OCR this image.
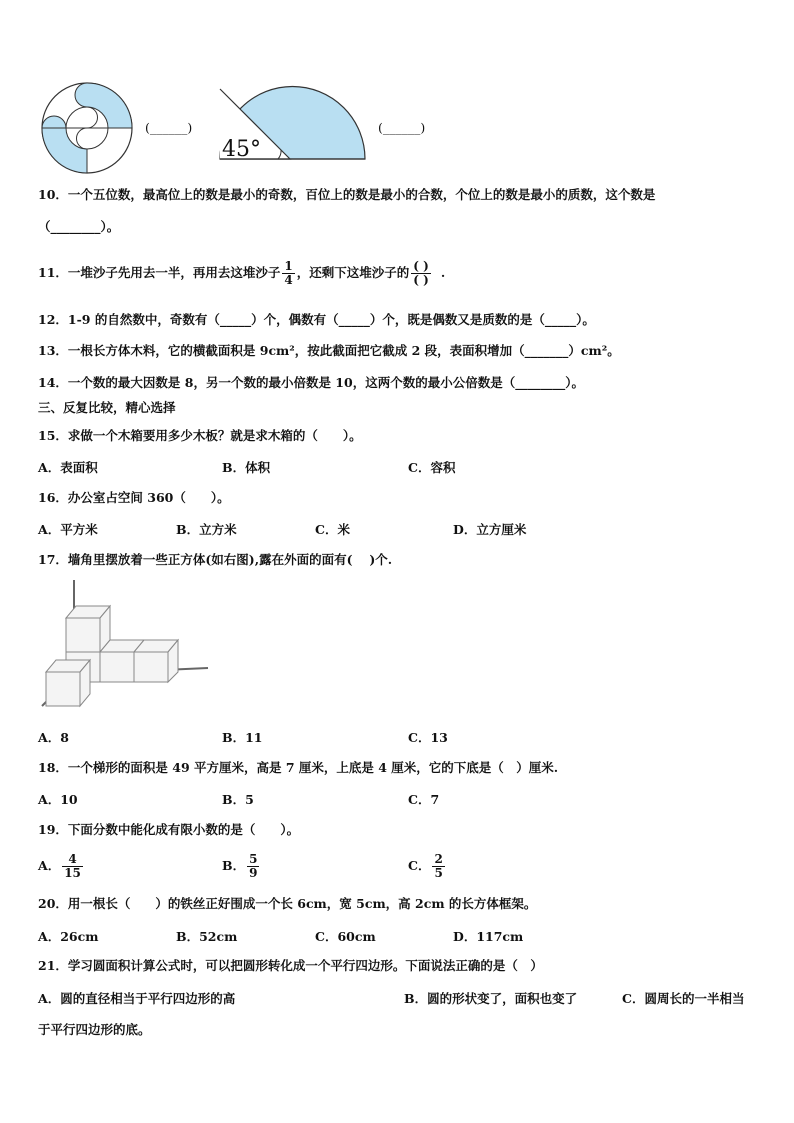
(______)
45°
(______)
10．一个五位数，最高位上的数是最小的奇数，百位上的数是最小的合数，个位上的数是最小的质数，这个数是
（________）。
11．一堆沙子先用去一半，再用去这堆沙子 $\frac{1}{4}$ ，还剩下这堆沙子的 $\frac{( )}{( )}$ .
12．1-9 的自然数中，奇数有（_____）个，偶数有（_____）个，既是偶数又是质数的是（_____）。
13．一根长方体木料，它的横截面积是 9cm²，按此截面把它截成 2 段，表面积增加（_______）cm²。
14．一个数的最大因数是 8，另一个数的最小倍数是 10，这两个数的最小公倍数是（________）。
三、反复比较，精心选择
15．求做一个木箱要用多少木板？就是求木箱的（　　）。
A．表面积	B．体积	C．容积
16．办公室占空间 360（　　）。
A．平方米	B．立方米	C．米	D．立方厘米
17．墙角里摆放着一些正方体(如右图),露在外面的面有(　 )个.
A．8	B．11	C．13
18．一个梯形的面积是 49 平方厘米，高是 7 厘米，上底是 4 厘米，它的下底是（　）厘米.
A．10	B．5	C．7
19．下面分数中能化成有限小数的是（　　）。
A． $\frac{4}{15}$	B． $\frac{5}{9}$	C． $\frac{2}{5}$
20．用一根长（　　）的铁丝正好围成一个长 6cm，宽 5cm，高 2cm 的长方体框架。
A．26cm	B．52cm	C．60cm	D．117cm
21．学习圆面积计算公式时，可以把圆形转化成一个平行四边形。下面说法正确的是（　）
A．圆的直径相当于平行四边形的高	B．圆的形状变了，面积也变了	C．圆周长的一半相当
于平行四边形的底。
